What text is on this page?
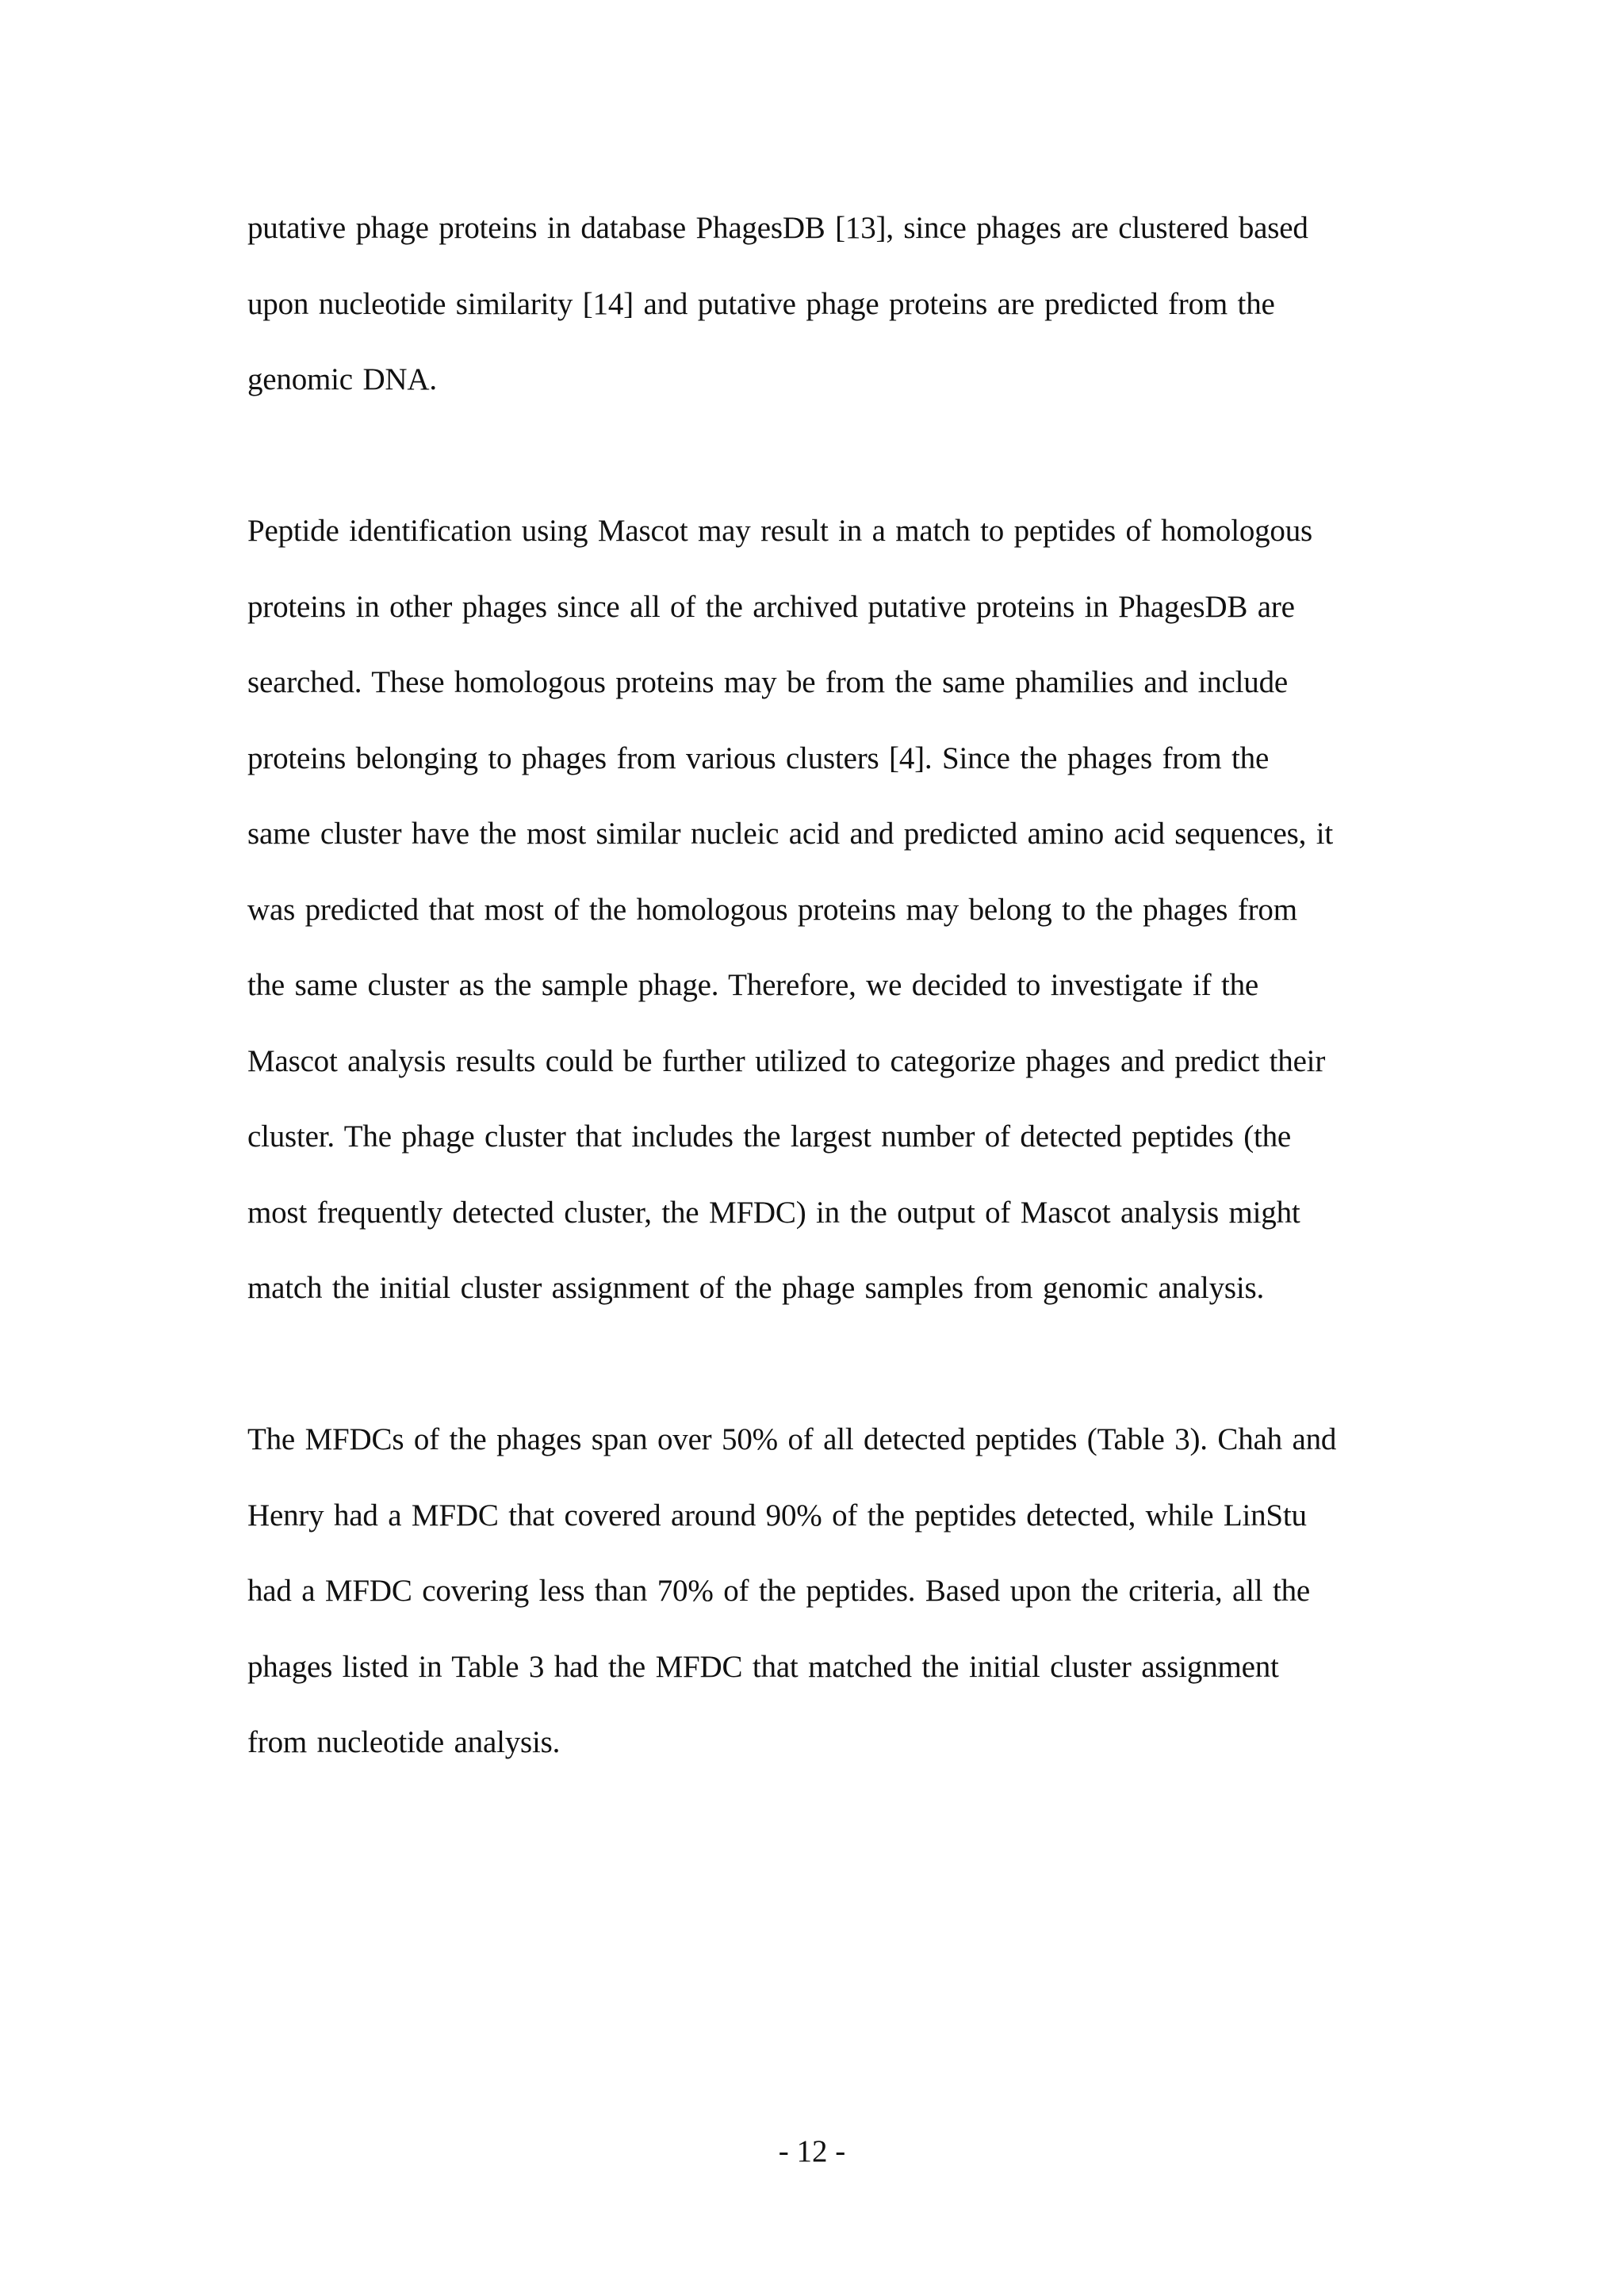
putative phage proteins in database PhagesDB [13], since phages are clustered based
upon nucleotide similarity [14] and putative phage proteins are predicted from the
genomic DNA.
Peptide identification using Mascot may result in a match to peptides of homologous
proteins in other phages since all of the archived putative proteins in PhagesDB are
searched. These homologous proteins may be from the same phamilies and include
proteins belonging to phages from various clusters [4]. Since the phages from the
same cluster have the most similar nucleic acid and predicted amino acid sequences, it
was predicted that most of the homologous proteins may belong to the phages from
the same cluster as the sample phage. Therefore, we decided to investigate if the
Mascot analysis results could be further utilized to categorize phages and predict their
cluster. The phage cluster that includes the largest number of detected peptides (the
most frequently detected cluster, the MFDC) in the output of Mascot analysis might
match the initial cluster assignment of the phage samples from genomic analysis.
The MFDCs of the phages span over 50% of all detected peptides (Table 3). Chah and
Henry had a MFDC that covered around 90% of the peptides detected, while LinStu
had a MFDC covering less than 70% of the peptides. Based upon the criteria, all the
phages listed in Table 3 had the MFDC that matched the initial cluster assignment
from nucleotide analysis.
- 12 -
